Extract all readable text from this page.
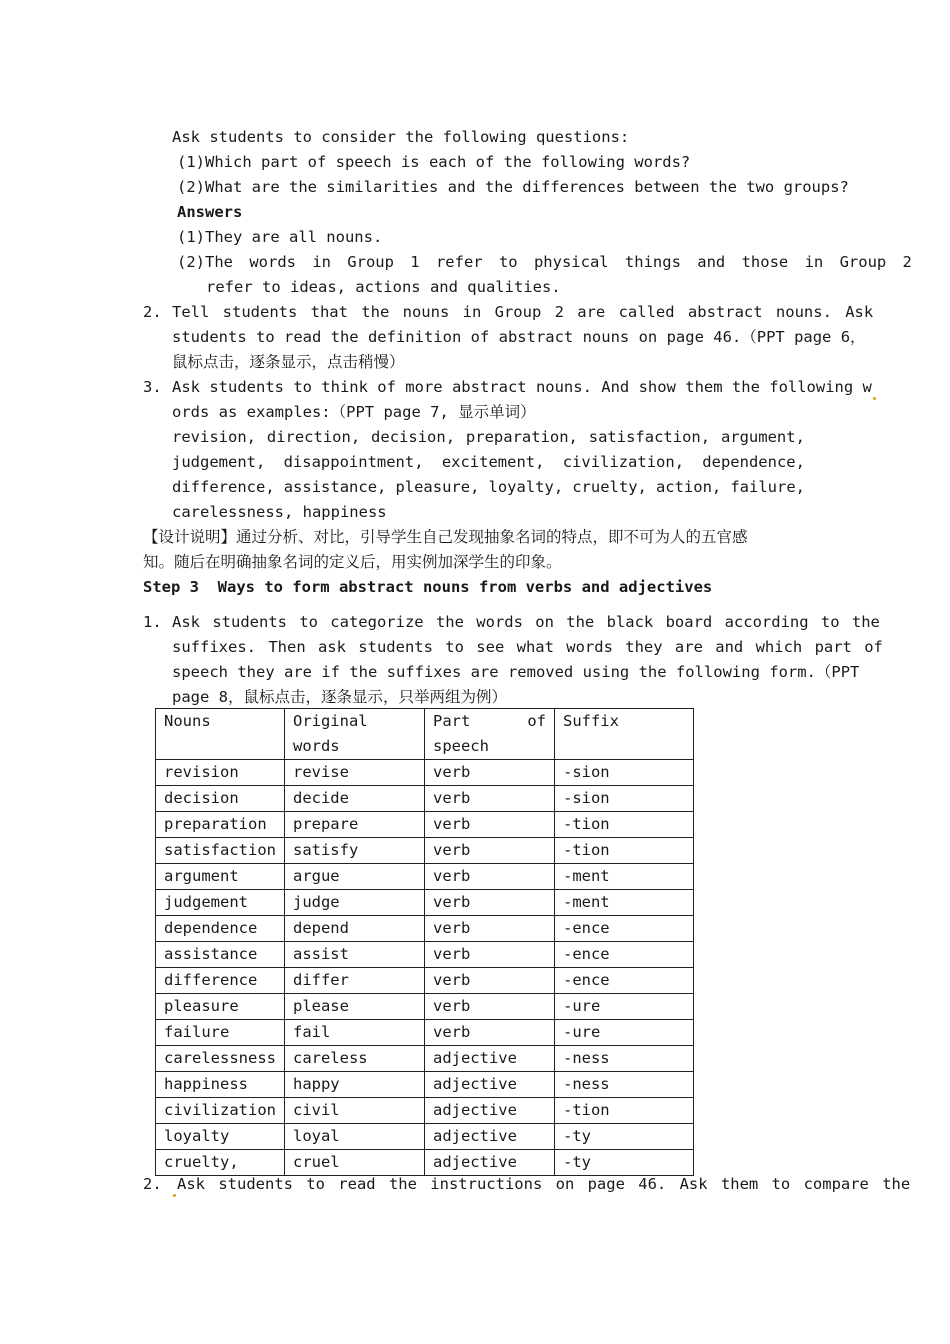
Ask students to consider the following questions:
(1)Which part of speech is each of the following words?
(2)What are the similarities and the differences between the two groups?
Answers
(1)They are all nouns.
(2)The words in Group 1 refer to physical things and those in Group 2
refer to ideas, actions and qualities.
2. Tell students that the nouns in Group 2 are called abstract nouns. Ask
students to read the definition of abstract nouns on page 46.（PPT page 6，
鼠标点击，逐条显示，点击稍慢）
3. Ask students to think of more abstract nouns. And show them the following w
ords as examples:（PPT page 7, 显示单词）
revision, direction, decision, preparation, satisfaction, argument,
judgement, disappointment, excitement, civilization, dependence,
difference, assistance, pleasure, loyalty, cruelty, action, failure,
carelessness, happiness
【设计说明】通过分析、对比，引导学生自己发现抽象名词的特点，即不可为人的五官感
知。随后在明确抽象名词的定义后，用实例加深学生的印象。
Step 3  Ways to form abstract nouns from verbs and adjectives
1. Ask students to categorize the words on the black board according to the
suffixes. Then ask students to see what words they are and which part of
speech they are if the suffixes are removed using the following form.（PPT
page 8，鼠标点击，逐条显示，只举两组为例）
Nouns	Original words	Part of
speech	Suffix
revision	revise	verb	-sion
decision	decide	verb	-sion
preparation	prepare	verb	-tion
satisfaction	satisfy	verb	-tion
argument	argue	verb	-ment
judgement	judge	verb	-ment
dependence	depend	verb	-ence
assistance	assist	verb	-ence
difference	differ	verb	-ence
pleasure	please	verb	-ure
failure	fail	verb	-ure
carelessness	careless	adjective	-ness
happiness	happy	adjective	-ness
civilization	civil	adjective	-tion
loyalty	loyal	adjective	-ty
cruelty,	cruel	adjective	-ty
2. Ask students to read the instructions on page 46. Ask them to compare the
